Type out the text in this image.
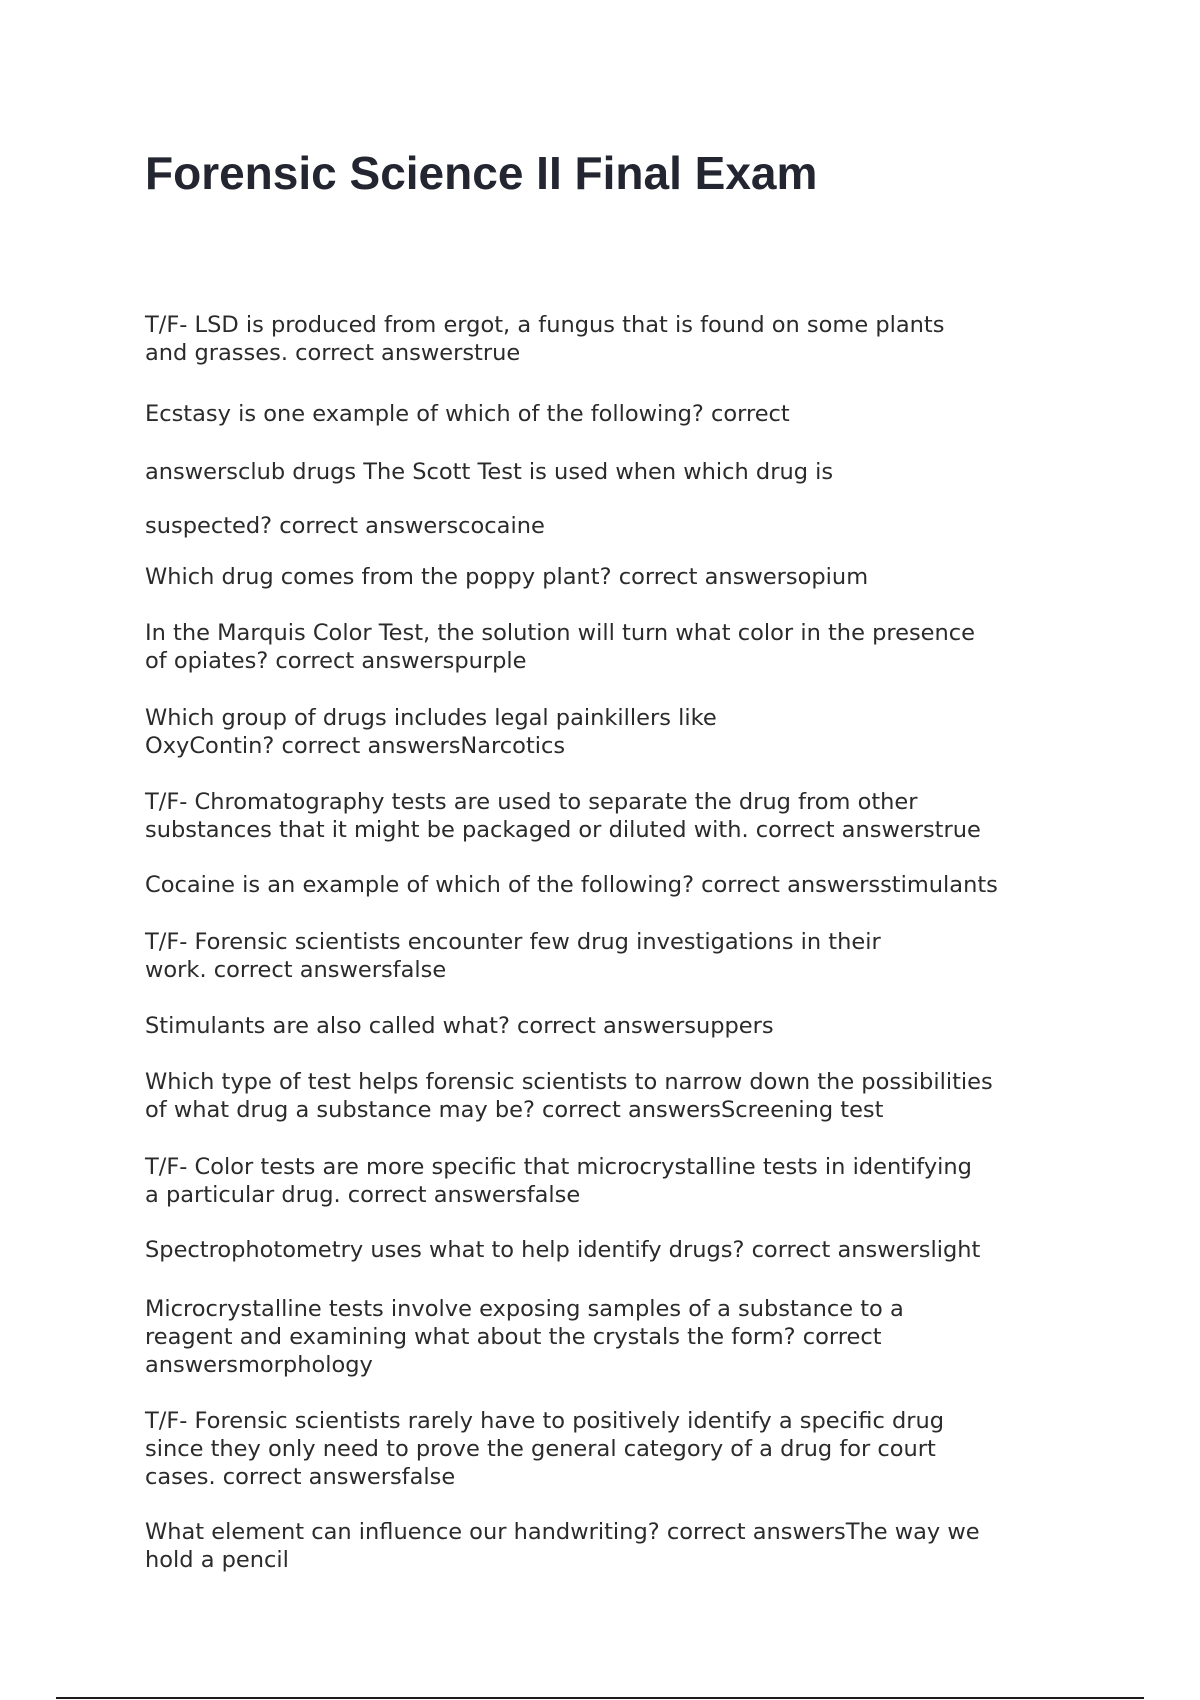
Forensic Science II Final Exam

T/F- LSD is produced from ergot, a fungus that is found on some plants
and grasses. correct answerstrue

Ecstasy is one example of which of the following? correct

answersclub drugs The Scott Test is used when which drug is

suspected? correct answerscocaine

Which drug comes from the poppy plant? correct answersopium

In the Marquis Color Test, the solution will turn what color in the presence
of opiates? correct answerspurple

Which group of drugs includes legal painkillers like
OxyContin? correct answersNarcotics

T/F- Chromatography tests are used to separate the drug from other
substances that it might be packaged or diluted with. correct answerstrue

Cocaine is an example of which of the following? correct answersstimulants

T/F- Forensic scientists encounter few drug investigations in their
work. correct answersfalse

Stimulants are also called what? correct answersuppers

Which type of test helps forensic scientists to narrow down the possibilities
of what drug a substance may be? correct answersScreening test

T/F- Color tests are more specific that microcrystalline tests in identifying
a particular drug. correct answersfalse

Spectrophotometry uses what to help identify drugs? correct answerslight

Microcrystalline tests involve exposing samples of a substance to a
reagent and examining what about the crystals the form? correct
answersmorphology

T/F- Forensic scientists rarely have to positively identify a specific drug
since they only need to prove the general category of a drug for court
cases. correct answersfalse

What element can influence our handwriting? correct answersThe way we
hold a pencil
